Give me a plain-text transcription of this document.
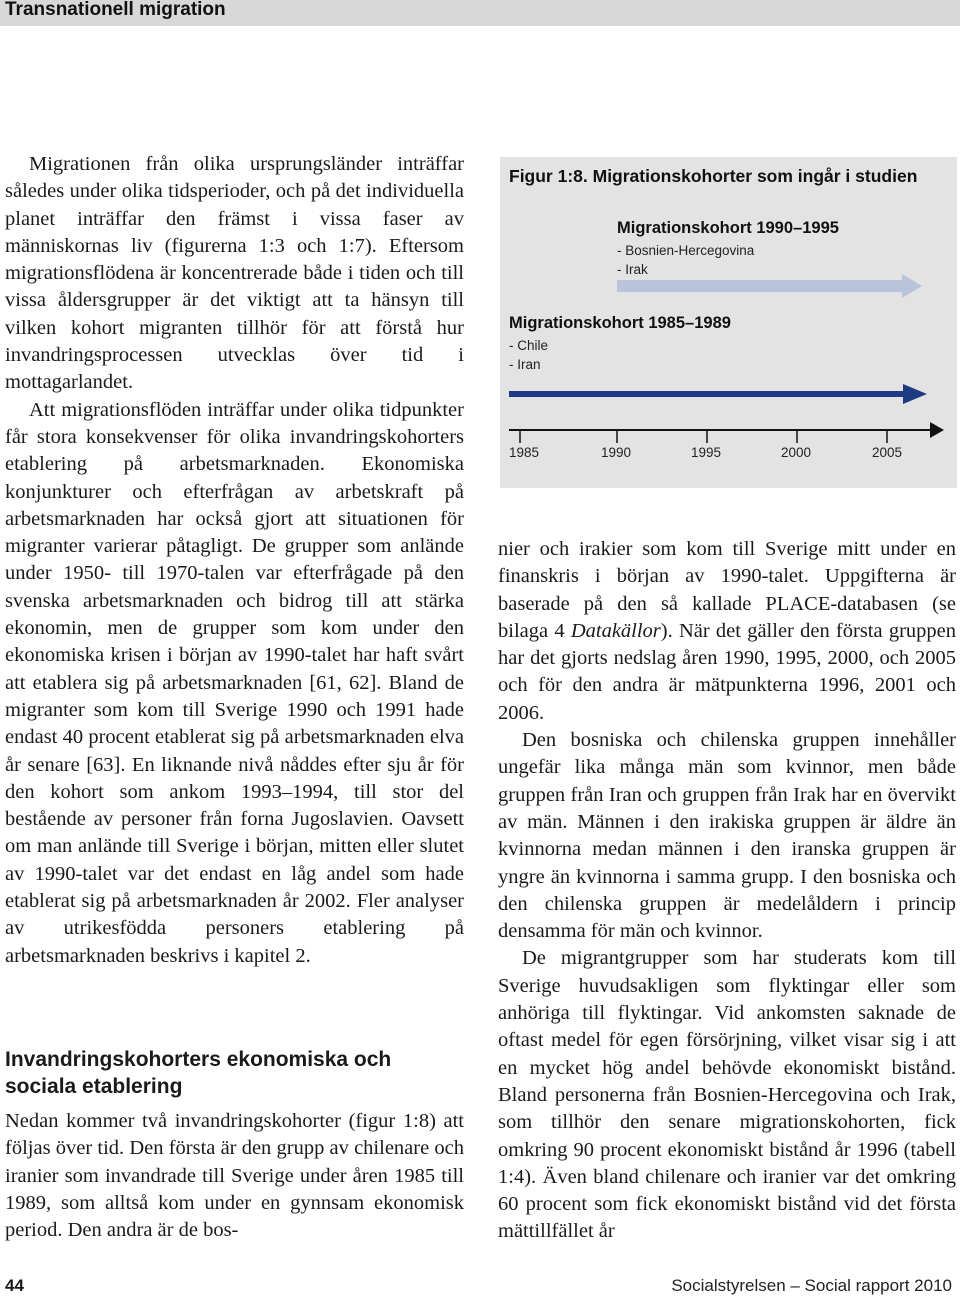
Transnationell migration

Migrationen från olika ursprungsländer inträffar således under olika tidsperioder, och på det individuella planet inträffar den främst i vissa faser av människornas liv (figurerna 1:3 och 1:7). Eftersom migrationsflödena är koncentrerade både i tiden och till vissa åldersgrupper är det viktigt att ta hänsyn till vilken kohort migranten tillhör för att förstå hur invandringsprocessen utvecklas över tid i mottagarlandet.

Att migrationsflöden inträffar under olika tidpunkter får stora konsekvenser för olika invandringskohorters etablering på arbetsmarknaden. Ekonomiska konjunkturer och efterfrågan av arbetskraft på arbetsmarknaden har också gjort att situationen för migranter varierar påtagligt. De grupper som anlände under 1950- till 1970-talen var efterfrågade på den svenska arbetsmarknaden och bidrog till att stärka ekonomin, men de grupper som kom under den ekonomiska krisen i början av 1990-talet har haft svårt att etablera sig på arbetsmarknaden [61, 62]. Bland de migranter som kom till Sverige 1990 och 1991 hade endast 40 procent etablerat sig på arbetsmarknaden elva år senare [63]. En liknande nivå nåddes efter sju år för den kohort som ankom 1993–1994, till stor del bestående av personer från forna Jugoslavien. Oavsett om man anlände till Sverige i början, mitten eller slutet av 1990-talet var det endast en låg andel som hade etablerat sig på arbetsmarknaden år 2002. Fler analyser av utrikesfödda personers etablering på arbetsmarknaden beskrivs i kapitel 2.

Invandringskohorters ekonomiska och sociala etablering

Nedan kommer två invandringskohorter (figur 1:8) att följas över tid. Den första är den grupp av chilenare och iranier som invandrade till Sverige under åren 1985 till 1989, som alltså kom under en gynnsam ekonomisk period. Den andra är de bos-

Figur 1:8. Migrationskohorter som ingår i studien
Migrationskohort 1990–1995
- Bosnien-Hercegovina
- Irak
Migrationskohort 1985–1989
- Chile
- Iran
1985	1990	1995	2000	2005

nier och irakier som kom till Sverige mitt under en finanskris i början av 1990-talet. Uppgifterna är baserade på den så kallade PLACE-databasen (se bilaga 4 Datakällor). När det gäller den första gruppen har det gjorts nedslag åren 1990, 1995, 2000, och 2005 och för den andra är mätpunkterna 1996, 2001 och 2006.

Den bosniska och chilenska gruppen innehåller ungefär lika många män som kvinnor, men både gruppen från Iran och gruppen från Irak har en övervikt av män. Männen i den irakiska gruppen är äldre än kvinnorna medan männen i den iranska gruppen är yngre än kvinnorna i samma grupp. I den bosniska och den chilenska gruppen är medelåldern i princip densamma för män och kvinnor.

De migrantgrupper som har studerats kom till Sverige huvudsakligen som flyktingar eller som anhöriga till flyktingar. Vid ankomsten saknade de oftast medel för egen försörjning, vilket visar sig i att en mycket hög andel behövde ekonomiskt bistånd. Bland personerna från Bosnien-Hercegovina och Irak, som tillhör den senare migrationskohorten, fick omkring 90 procent ekonomiskt bistånd år 1996 (tabell 1:4). Även bland chilenare och iranier var det omkring 60 procent som fick ekonomiskt bistånd vid det första mättillfället år

44	Socialstyrelsen – Social rapport 2010
